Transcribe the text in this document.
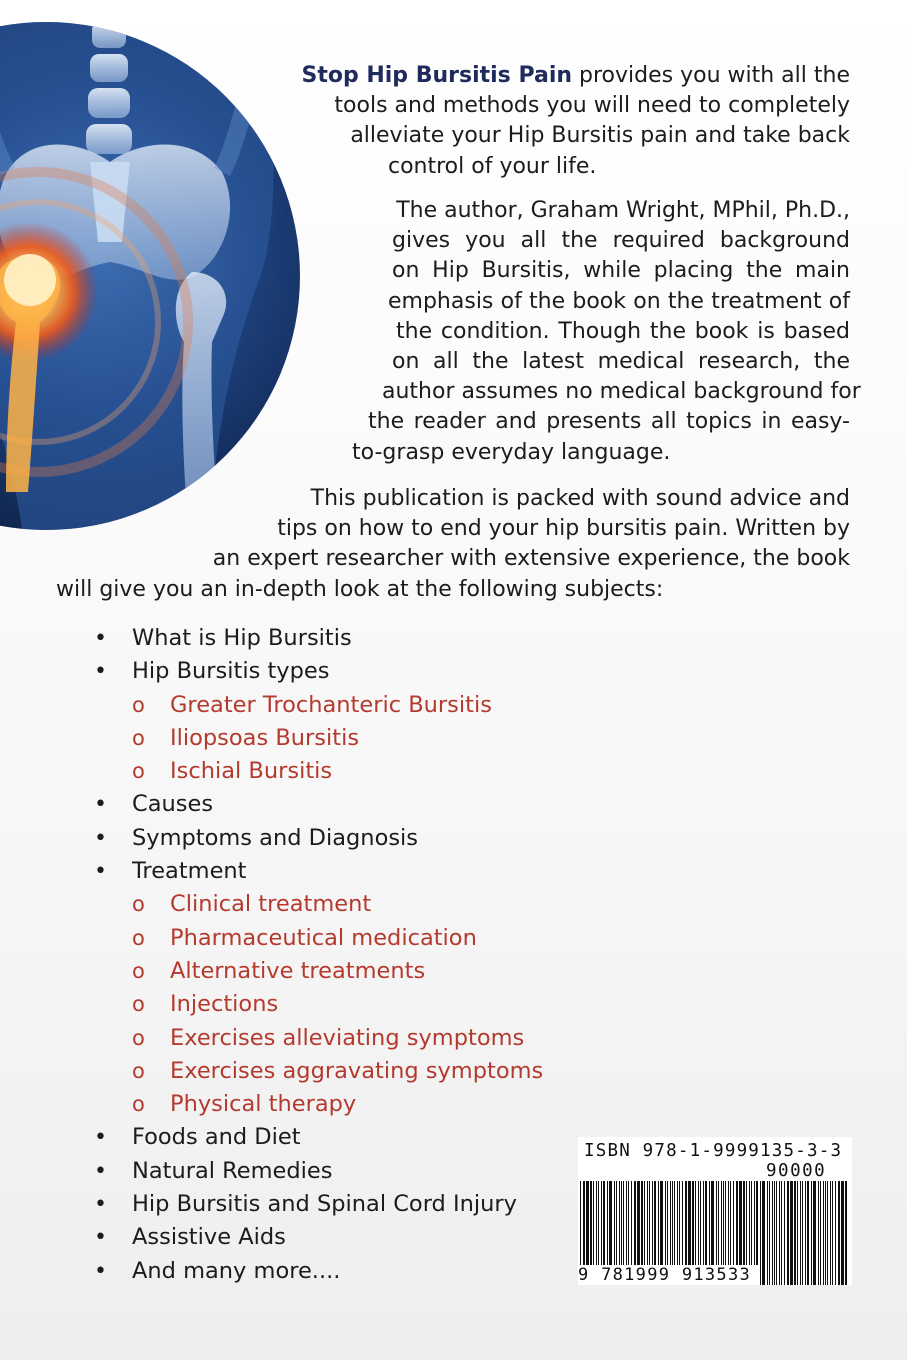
Stop Hip Bursitis Pain provides you with all the
tools and methods you will need to completely
alleviate your Hip Bursitis pain and take back
control of your life.
The author, Graham Wright, MPhil, Ph.D.,
gives you all the required background
on Hip Bursitis, while placing the main
emphasis of the book on the treatment of
the condition. Though the book is based
on all the latest medical research, the
author assumes no medical background for
the reader and presents all topics in easy-
to-grasp everyday language.
This publication is packed with sound advice and
tips on how to end your hip bursitis pain. Written by
an expert researcher with extensive experience, the book
will give you an in-depth look at the following subjects:
• What is Hip Bursitis
• Hip Bursitis types
o Greater Trochanteric Bursitis
o Iliopsoas Bursitis
o Ischial Bursitis
• Causes
• Symptoms and Diagnosis
• Treatment
o Clinical treatment
o Pharmaceutical medication
o Alternative treatments
o Injections
o Exercises alleviating symptoms
o Exercises aggravating symptoms
o Physical therapy
• Foods and Diet
• Natural Remedies
• Hip Bursitis and Spinal Cord Injury
• Assistive Aids
• And many more....
ISBN 978-1-9999135-3-3
90000
9 781999 913533
